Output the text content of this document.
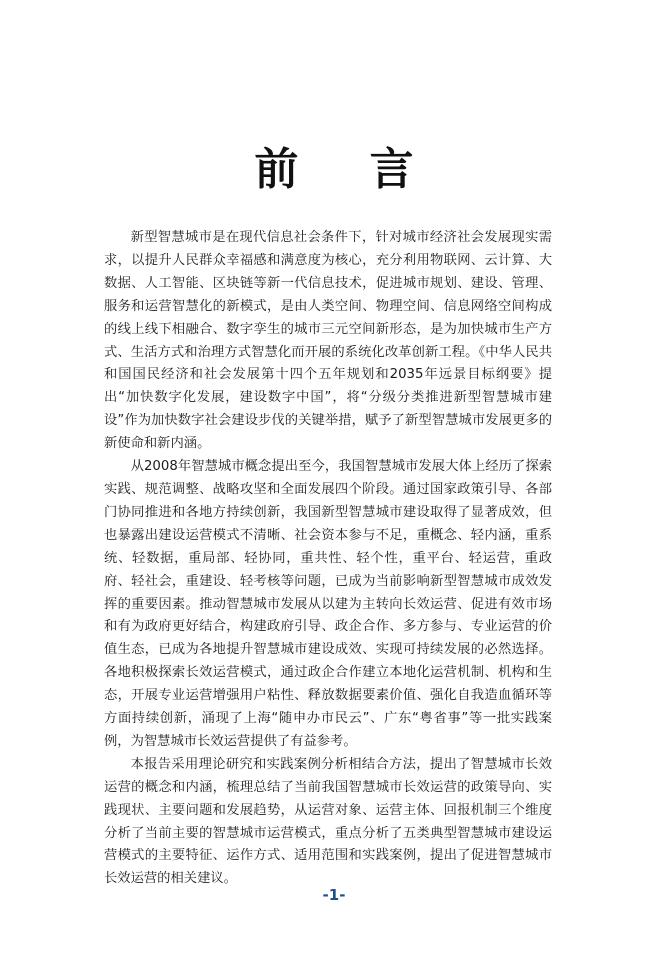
前 言

新型智慧城市是在现代信息社会条件下，针对城市经济社会发展现实需求，以提升人民群众幸福感和满意度为核心，充分利用物联网、云计算、大数据、人工智能、区块链等新一代信息技术，促进城市规划、建设、管理、服务和运营智慧化的新模式，是由人类空间、物理空间、信息网络空间构成的线上线下相融合、数字孪生的城市三元空间新形态，是为加快城市生产方式、生活方式和治理方式智慧化而开展的系统化改革创新工程。《中华人民共和国国民经济和社会发展第十四个五年规划和2035年远景目标纲要》提出“加快数字化发展，建设数字中国”，将“分级分类推进新型智慧城市建设”作为加快数字社会建设步伐的关键举措，赋予了新型智慧城市发展更多的新使命和新内涵。

从2008年智慧城市概念提出至今，我国智慧城市发展大体上经历了探索实践、规范调整、战略攻坚和全面发展四个阶段。通过国家政策引导、各部门协同推进和各地方持续创新，我国新型智慧城市建设取得了显著成效，但也暴露出建设运营模式不清晰、社会资本参与不足，重概念、轻内涵，重系统、轻数据，重局部、轻协同，重共性、轻个性，重平台、轻运营，重政府、轻社会，重建设、轻考核等问题，已成为当前影响新型智慧城市成效发挥的重要因素。推动智慧城市发展从以建为主转向长效运营、促进有效市场和有为政府更好结合，构建政府引导、政企合作、多方参与、专业运营的价值生态，已成为各地提升智慧城市建设成效、实现可持续发展的必然选择。各地积极探索长效运营模式，通过政企合作建立本地化运营机制、机构和生态，开展专业运营增强用户粘性、释放数据要素价值、强化自我造血循环等方面持续创新，涌现了上海“随申办市民云”、广东“粤省事”等一批实践案例，为智慧城市长效运营提供了有益参考。

本报告采用理论研究和实践案例分析相结合方法，提出了智慧城市长效运营的概念和内涵，梳理总结了当前我国智慧城市长效运营的政策导向、实践现状、主要问题和发展趋势，从运营对象、运营主体、回报机制三个维度分析了当前主要的智慧城市运营模式，重点分析了五类典型智慧城市建设运营模式的主要特征、运作方式、适用范围和实践案例，提出了促进智慧城市长效运营的相关建议。

-1-
